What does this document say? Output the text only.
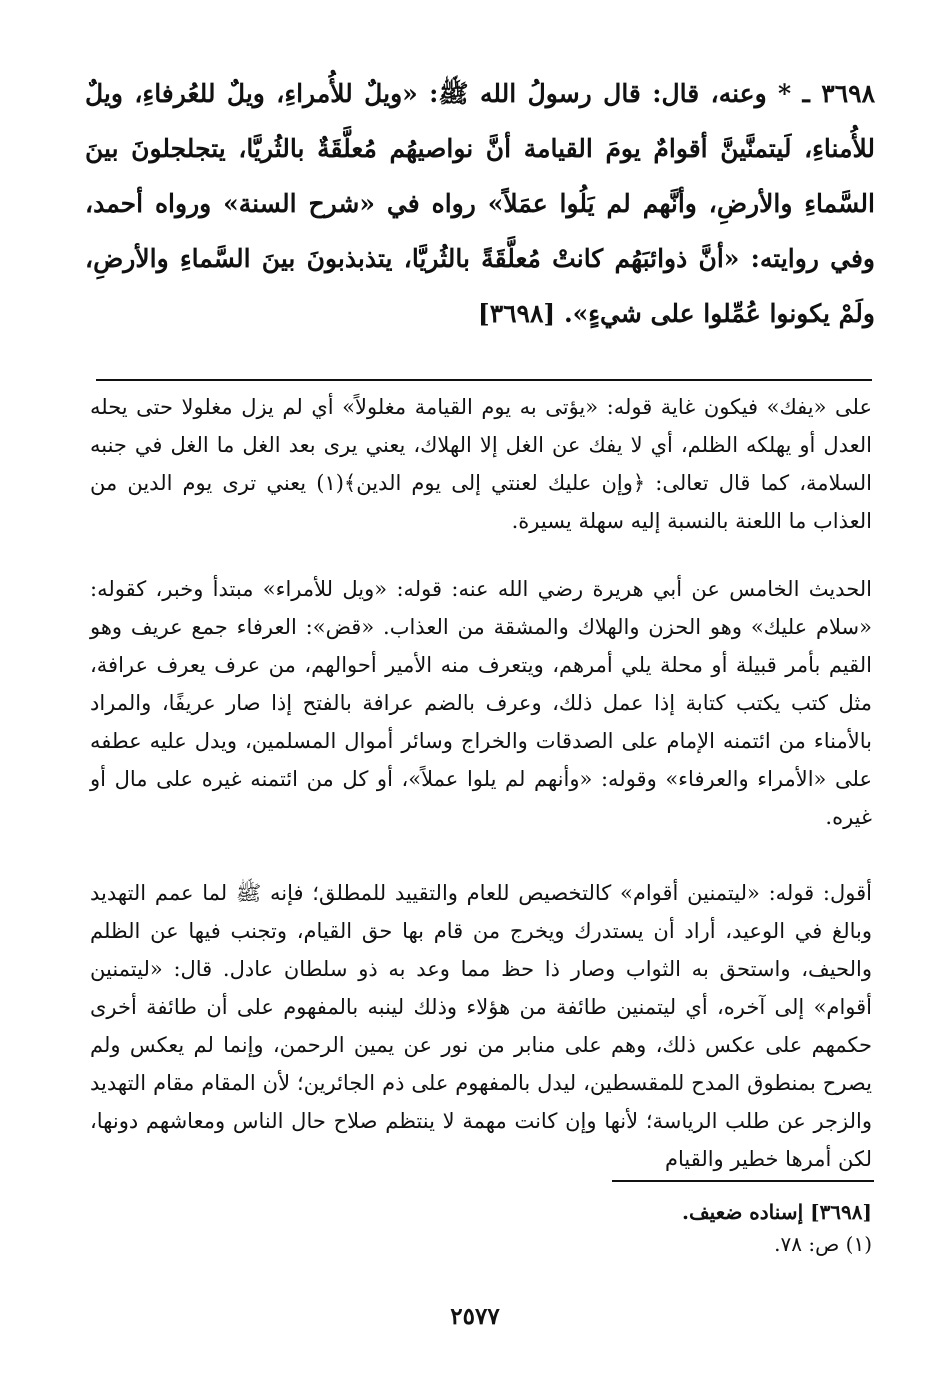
٣٦٩٨ ـ * وعنه، قال: قال رسولُ الله ﷺ: «ويلٌ للأُمراءِ، ويلٌ للعُرفاءِ، ويلٌ للأُمناءِ، لَيتمنَّينَّ أقوامٌ يومَ القيامة أنَّ نواصيهُم مُعلَّقَةٌ بالثُريَّا، يتجلجلونَ بينَ السَّماءِ والأرضِ، وأنَّهم لم يَلُوا عمَلاً» رواه في «شرح السنة» ورواه أحمد، وفي روايته: «أنَّ ذوائبَهُم كانتْ مُعلَّقَةً بالثُريَّا، يتذبذبونَ بينَ السَّماءِ والأرضِ، ولَمْ يكونوا عُمِّلوا على شيءٍ». [٣٦٩٨]

على «يفك» فيكون غاية قوله: «يؤتى به يوم القيامة مغلولاً» أي لم يزل مغلولا حتى يحله العدل أو يهلكه الظلم، أي لا يفك عن الغل إلا الهلاك، يعني يرى بعد الغل ما الغل في جنبه السلامة، كما قال تعالى: ﴿وإن عليك لعنتي إلى يوم الدين﴾(١) يعني ترى يوم الدين من العذاب ما اللعنة بالنسبة إليه سهلة يسيرة.

الحديث الخامس عن أبي هريرة رضي الله عنه: قوله: «ويل للأمراء» مبتدأ وخبر، كقوله: «سلام عليك» وهو الحزن والهلاك والمشقة من العذاب. «قض»: العرفاء جمع عريف وهو القيم بأمر قبيلة أو محلة يلي أمرهم، ويتعرف منه الأمير أحوالهم، من عرف يعرف عرافة، مثل كتب يكتب كتابة إذا عمل ذلك، وعرف بالضم عرافة بالفتح إذا صار عريفًا، والمراد بالأمناء من ائتمنه الإمام على الصدقات والخراج وسائر أموال المسلمين، ويدل عليه عطفه على «الأمراء والعرفاء» وقوله: «وأنهم لم يلوا عملاً»، أو كل من ائتمنه غيره على مال أو غيره.

أقول: قوله: «ليتمنين أقوام» كالتخصيص للعام والتقييد للمطلق؛ فإنه ﷺ لما عمم التهديد وبالغ في الوعيد، أراد أن يستدرك ويخرج من قام بها حق القيام، وتجنب فيها عن الظلم والحيف، واستحق به الثواب وصار ذا حظ مما وعد به ذو سلطان عادل. قال: «ليتمنين أقوام» إلى آخره، أي ليتمنين طائفة من هؤلاء وذلك لينبه بالمفهوم على أن طائفة أخرى حكمهم على عكس ذلك، وهم على منابر من نور عن يمين الرحمن، وإنما لم يعكس ولم يصرح بمنطوق المدح للمقسطين، ليدل بالمفهوم على ذم الجائرين؛ لأن المقام مقام التهديد والزجر عن طلب الرياسة؛ لأنها وإن كانت مهمة لا ينتظم صلاح حال الناس ومعاشهم دونها، لكن أمرها خطير والقيام

[٣٦٩٨] إسناده ضعيف.
(١) ص: ٧٨.
٢٥٧٧
